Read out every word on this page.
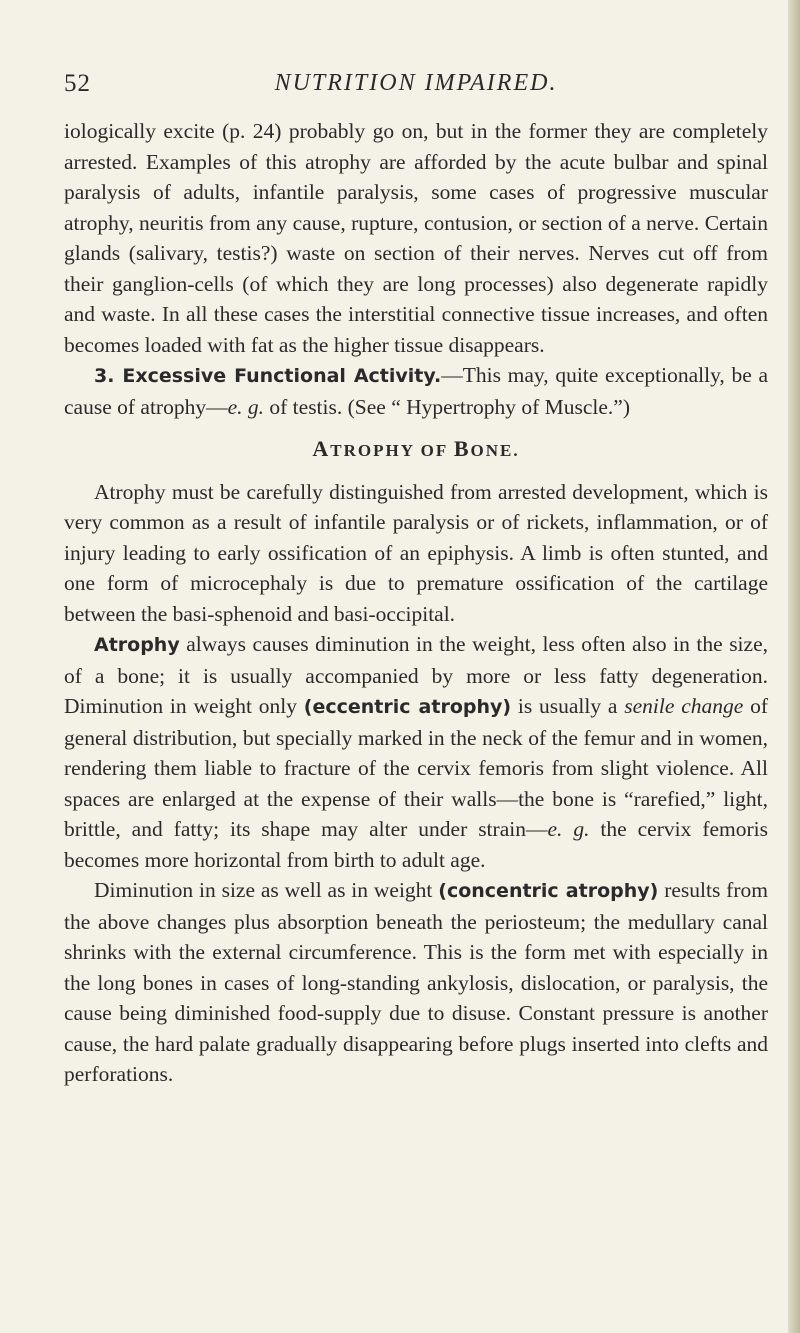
52	NUTRITION IMPAIRED.

iologically excite (p. 24) probably go on, but in the former they are completely arrested. Examples of this atrophy are afforded by the acute bulbar and spinal paralysis of adults, infantile paralysis, some cases of progressive muscular atrophy, neuritis from any cause, rupture, contusion, or section of a nerve. Certain glands (salivary, testis?) waste on section of their nerves. Nerves cut off from their ganglion-cells (of which they are long processes) also degenerate rapidly and waste. In all these cases the interstitial connective tissue increases, and often becomes loaded with fat as the higher tissue disappears.

3. Excessive Functional Activity.—This may, quite exceptionally, be a cause of atrophy—e. g. of testis. (See “ Hypertrophy of Muscle.”)

ATROPHY OF BONE.

Atrophy must be carefully distinguished from arrested development, which is very common as a result of infantile paralysis or of rickets, inflammation, or of injury leading to early ossification of an epiphysis. A limb is often stunted, and one form of microcephaly is due to premature ossification of the cartilage between the basi-sphenoid and basi-occipital.

Atrophy always causes diminution in the weight, less often also in the size, of a bone; it is usually accompanied by more or less fatty degeneration. Diminution in weight only (eccentric atrophy) is usually a senile change of general distribution, but specially marked in the neck of the femur and in women, rendering them liable to fracture of the cervix femoris from slight violence. All spaces are enlarged at the expense of their walls—the bone is “rarefied,” light, brittle, and fatty; its shape may alter under strain—e. g. the cervix femoris becomes more horizontal from birth to adult age.

Diminution in size as well as in weight (concentric atrophy) results from the above changes plus absorption beneath the periosteum; the medullary canal shrinks with the external circumference. This is the form met with especially in the long bones in cases of long-standing ankylosis, dislocation, or paralysis, the cause being diminished food-supply due to disuse. Constant pressure is another cause, the hard palate gradually disappearing before plugs inserted into clefts and perforations.
